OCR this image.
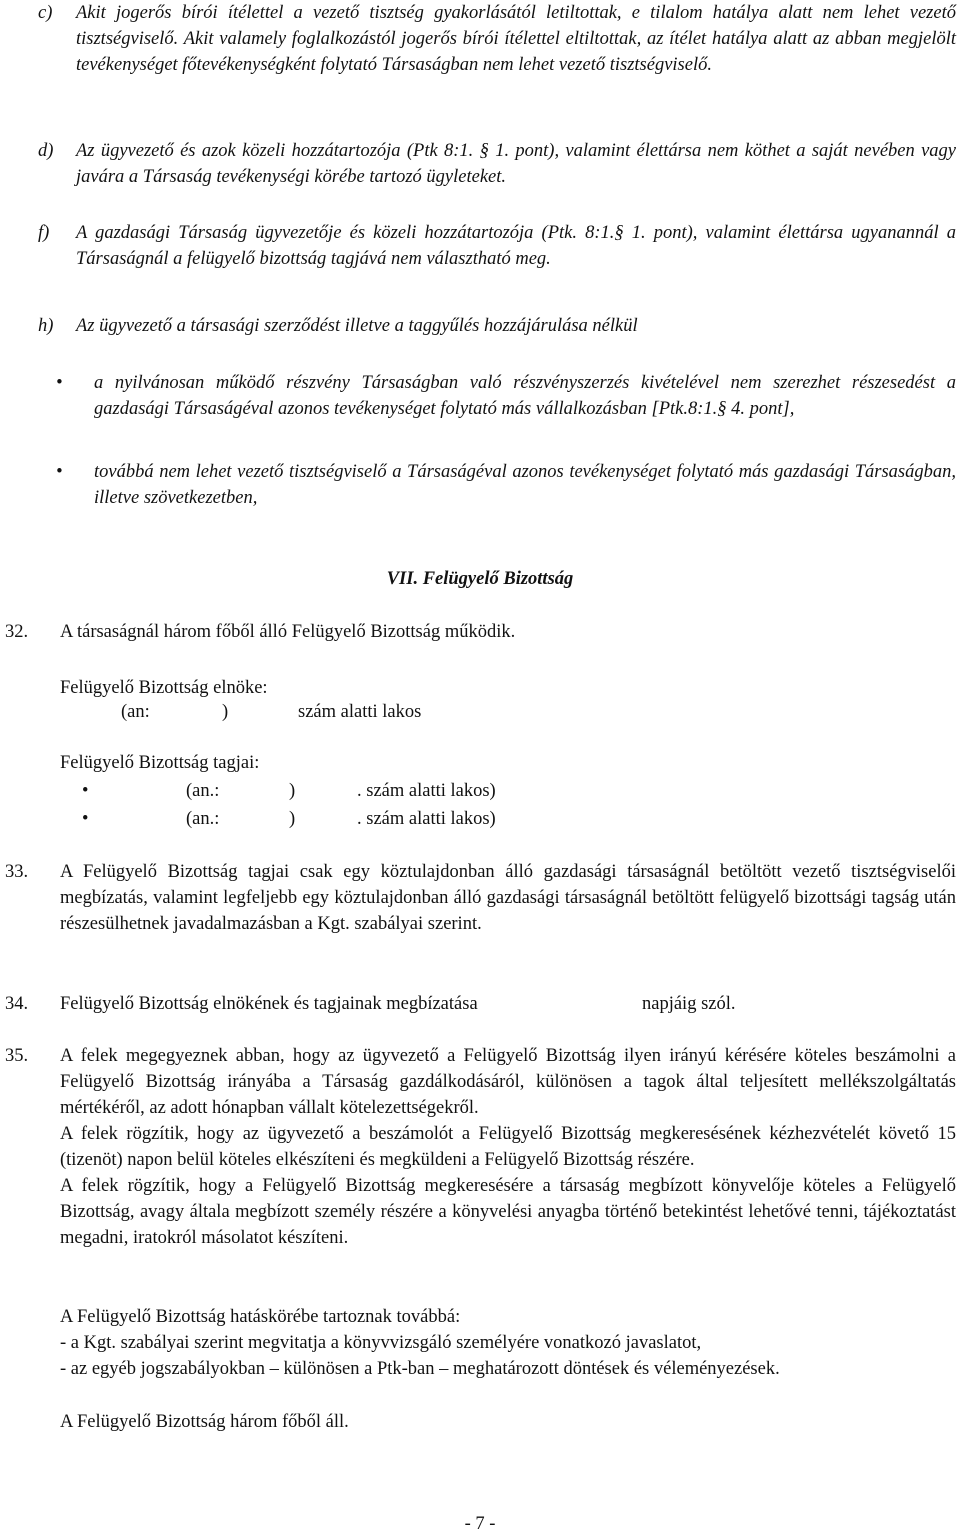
c)	Akit jogerős bírói ítélettel a vezető tisztség gyakorlásától letiltottak, e tilalom hatálya alatt nem lehet vezető tisztségviselő. Akit valamely foglalkozástól jogerős bírói ítélettel eltiltottak, az ítélet hatálya alatt az abban megjelölt tevékenységet főtevékenységként folytató Társaságban nem lehet vezető tisztségviselő.
d)	Az ügyvezető és azok közeli hozzátartozója (Ptk 8:1. § 1. pont), valamint élettársa nem köthet a saját nevében vagy javára a Társaság tevékenységi körébe tartozó ügyleteket.
f)	A gazdasági Társaság ügyvezetője és közeli hozzátartozója (Ptk. 8:1.§ 1. pont), valamint élettársa ugyanannál a Társaságnál a felügyelő bizottság tagjává nem választható meg.
h)	Az ügyvezető a társasági szerződést illetve a taggyűlés hozzájárulása nélkül
• a nyilvánosan működő részvény Társaságban való részvényszerzés kivételével nem szerezhet részesedést a gazdasági Társaságéval azonos tevékenységet folytató más vállalkozásban [Ptk.8:1.§ 4. pont],
• továbbá nem lehet vezető tisztségviselő a Társaságéval azonos tevékenységet folytató más gazdasági Társaságban, illetve szövetkezetben,
VII. Felügyelő Bizottság
32. A társaságnál három főből álló Felügyelő Bizottság működik.
Felügyelő Bizottság elnöke:
(an:	)	szám alatti lakos
Felügyelő Bizottság tagjai:
•	(an.:	)	. szám alatti lakos)
•	(an.:	)	. szám alatti lakos)
33. A Felügyelő Bizottság tagjai csak egy köztulajdonban álló gazdasági társaságnál betöltött vezető tisztségviselői megbízatás, valamint legfeljebb egy köztulajdonban álló gazdasági társaságnál betöltött felügyelő bizottsági tagság után részesülhetnek javadalmazásban a Kgt. szabályai szerint.
34. Felügyelő Bizottság elnökének és tagjainak megbízatása	napjáig szól.
35. A felek megegyeznek abban, hogy az ügyvezető a Felügyelő Bizottság ilyen irányú kérésére köteles beszámolni a Felügyelő Bizottság irányába a Társaság gazdálkodásáról, különösen a tagok által teljesített mellékszolgáltatás mértékéről, az adott hónapban vállalt kötelezettségekről.

A felek rögzítik, hogy az ügyvezető a beszámolót a Felügyelő Bizottság megkeresésének kézhezvételét követő 15 (tizenöt) napon belül köteles elkészíteni és megküldeni a Felügyelő Bizottság részére.

A felek rögzítik, hogy a Felügyelő Bizottság megkeresésére a társaság megbízott könyvelője köteles a Felügyelő Bizottság, avagy általa megbízott személy részére a könyvelési anyagba történő betekintést lehetővé tenni, tájékoztatást megadni, iratokról másolatot készíteni.

A Felügyelő Bizottság hatáskörébe tartoznak továbbá:
- a Kgt. szabályai szerint megvitatja a könyvvizsgáló személyére vonatkozó javaslatot,
- az egyéb jogszabályokban – különösen a Ptk-ban – meghatározott döntések és véleményezések.
A Felügyelő Bizottság három főből áll.
- 7 -
